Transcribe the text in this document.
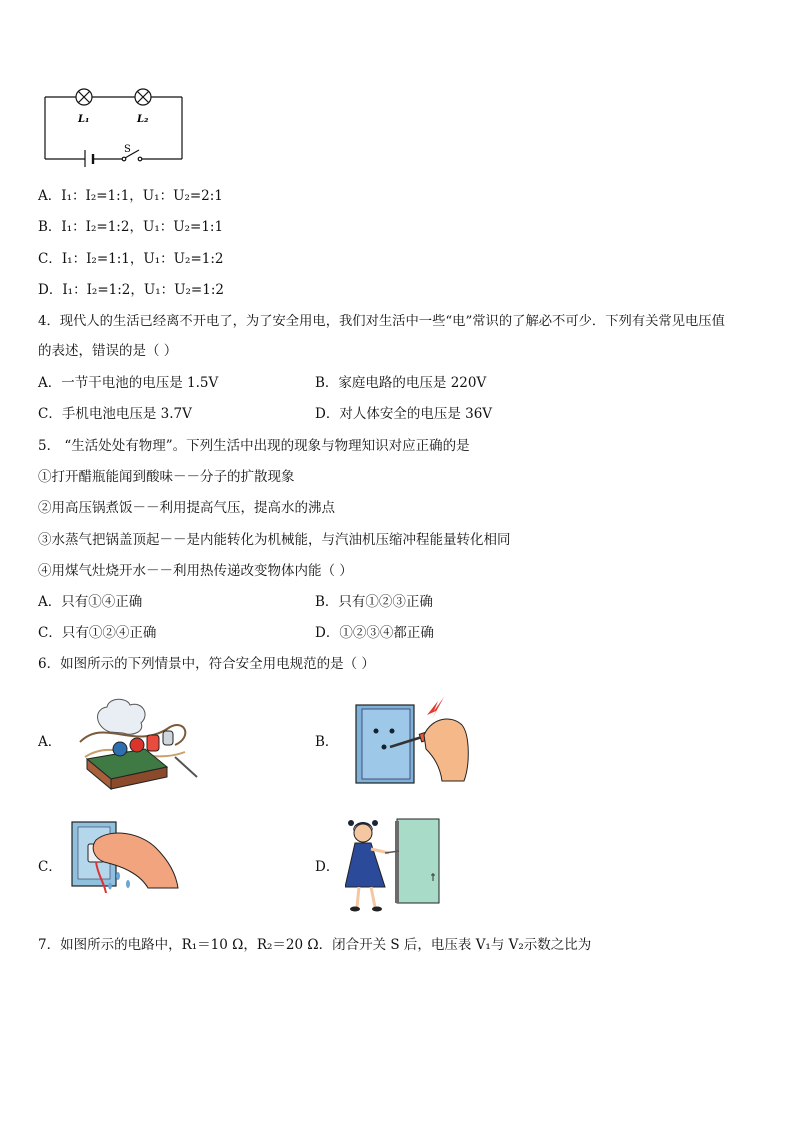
L₁	L₂
S
A．I₁：I₂=1:1，U₁：U₂=2:1
B．I₁：I₂=1:2，U₁：U₂=1:1
C．I₁：I₂=1:1，U₁：U₂=1:2
D．I₁：I₂=1:2，U₁：U₂=1:2
4．现代人的生活已经离不开电了，为了安全用电，我们对生活中一些“电”常识的了解必不可少．下列有关常见电压值
的表述，错误的是（ ）
A．一节干电池的电压是 1.5V	B．家庭电路的电压是 220V
C．手机电池电压是 3.7V	D．对人体安全的电压是 36V
5． “生活处处有物理”。下列生活中出现的现象与物理知识对应正确的是
①打开醋瓶能闻到酸味－－分子的扩散现象
②用高压锅煮饭－－利用提高气压，提高水的沸点
③水蒸气把锅盖顶起－－是内能转化为机械能，与汽油机压缩冲程能量转化相同
④用煤气灶烧开水－－利用热传递改变物体内能（ ）
A．只有①④正确	B．只有①②③正确
C．只有①②④正确	D．①②③④都正确
6．如图所示的下列情景中，符合安全用电规范的是（ ）
A．	B．
C．	D．
7．如图所示的电路中，R₁＝10 Ω，R₂＝20 Ω．闭合开关 S 后，电压表 V₁与 V₂示数之比为
